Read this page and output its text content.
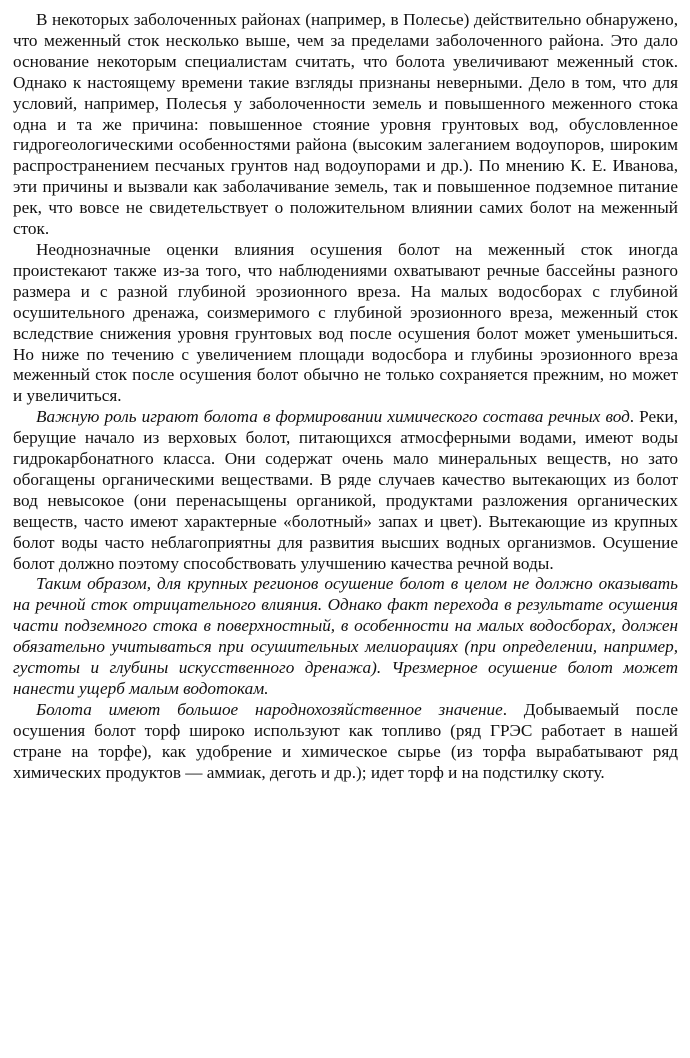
В некоторых заболоченных районах (например, в Полесье) действительно обнаружено, что меженный сток несколько выше, чем за пределами заболоченного района. Это дало основание некоторым специалистам считать, что болота увеличивают меженный сток. Однако к настоящему времени такие взгляды признаны неверными. Дело в том, что для условий, например, Полесья у заболоченности земель и повышенного меженного стока одна и та же причина: повышенное стояние уровня грунтовых вод, обусловленное гидрогеологическими особенностями района (высоким залеганием водоупоров, широким распространением песчаных грунтов над водоупорами и др.). По мнению К. Е. Иванова, эти причины и вызвали как заболачивание земель, так и повышенное подземное питание рек, что вовсе не свидетельствует о положительном влиянии самих болот на меженный сток.

Неоднозначные оценки влияния осушения болот на меженный сток иногда проистекают также из-за того, что наблюдениями охватывают речные бассейны разного размера и с разной глубиной эрозионного вреза. На малых водосборах с глубиной осушительного дренажа, соизмеримого с глубиной эрозионного вреза, меженный сток вследствие снижения уровня грунтовых вод после осушения болот может уменьшиться. Но ниже по течению с увеличением площади водосбора и глубины эрозионного вреза меженный сток после осушения болот обычно не только сохраняется прежним, но может и увеличиться.

Важную роль играют болота в формировании химического состава речных вод. Реки, берущие начало из верховых болот, питающихся атмосферными водами, имеют воды гидрокарбонатного класса. Они содержат очень мало минеральных веществ, но зато обогащены органическими веществами. В ряде случаев качество вытекающих из болот вод невысокое (они перенасыщены органикой, продуктами разложения органических веществ, часто имеют характерные «болотный» запах и цвет). Вытекающие из крупных болот воды часто неблагоприятны для развития высших водных организмов. Осушение болот должно поэтому способствовать улучшению качества речной воды.

Таким образом, для крупных регионов осушение болот в целом не должно оказывать на речной сток отрицательного влияния. Однако факт перехода в результате осушения части подземного стока в поверхностный, в особенности на малых водосборах, должен обязательно учитываться при осушительных мелиорациях (при определении, например, густоты и глубины искусственного дренажа). Чрезмерное осушение болот может нанести ущерб малым водотокам.

Болота имеют большое народнохозяйственное значение. Добываемый после осушения болот торф широко используют как топливо (ряд ГРЭС работает в нашей стране на торфе), как удобрение и химическое сырье (из торфа вырабатывают ряд химических продуктов — аммиак, деготь и др.); идет торф и на подстилку скоту.
